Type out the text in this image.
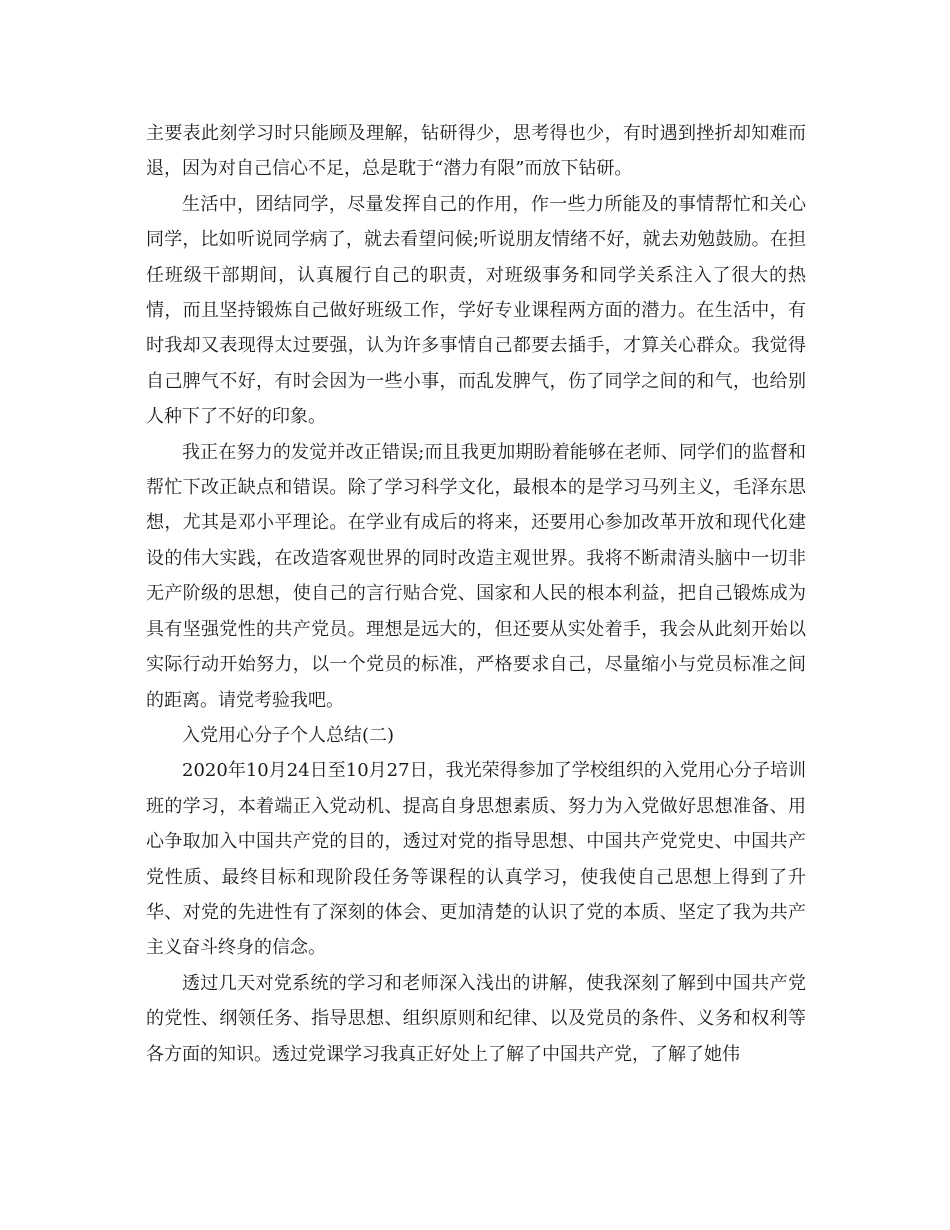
主要表此刻学习时只能顾及理解，钻研得少，思考得也少，有时遇到挫折却知难而退，因为对自己信心不足，总是耽于“潜力有限”而放下钻研。

生活中，团结同学，尽量发挥自己的作用，作一些力所能及的事情帮忙和关心同学，比如听说同学病了，就去看望问候;听说朋友情绪不好，就去劝勉鼓励。在担任班级干部期间，认真履行自己的职责，对班级事务和同学关系注入了很大的热情，而且坚持锻炼自己做好班级工作，学好专业课程两方面的潜力。在生活中，有时我却又表现得太过要强，认为许多事情自己都要去插手，才算关心群众。我觉得自己脾气不好，有时会因为一些小事，而乱发脾气，伤了同学之间的和气，也给别人种下了不好的印象。

我正在努力的发觉并改正错误;而且我更加期盼着能够在老师、同学们的监督和帮忙下改正缺点和错误。除了学习科学文化，最根本的是学习马列主义，毛泽东思想，尤其是邓小平理论。在学业有成后的将来，还要用心参加改革开放和现代化建设的伟大实践，在改造客观世界的同时改造主观世界。我将不断肃清头脑中一切非无产阶级的思想，使自己的言行贴合党、国家和人民的根本利益，把自己锻炼成为具有坚强党性的共产党员。理想是远大的，但还要从实处着手，我会从此刻开始以实际行动开始努力，以一个党员的标准，严格要求自己，尽量缩小与党员标准之间的距离。请党考验我吧。

入党用心分子个人总结(二)

2020年10月24日至10月27日，我光荣得参加了学校组织的入党用心分子培训班的学习，本着端正入党动机、提高自身思想素质、努力为入党做好思想准备、用心争取加入中国共产党的目的，透过对党的指导思想、中国共产党党史、中国共产党性质、最终目标和现阶段任务等课程的认真学习，使我使自己思想上得到了升华、对党的先进性有了深刻的体会、更加清楚的认识了党的本质、坚定了我为共产主义奋斗终身的信念。

透过几天对党系统的学习和老师深入浅出的讲解，使我深刻了解到中国共产党的党性、纲领任务、指导思想、组织原则和纪律、以及党员的条件、义务和权利等各方面的知识。透过党课学习我真正好处上了解了中国共产党，了解了她伟
